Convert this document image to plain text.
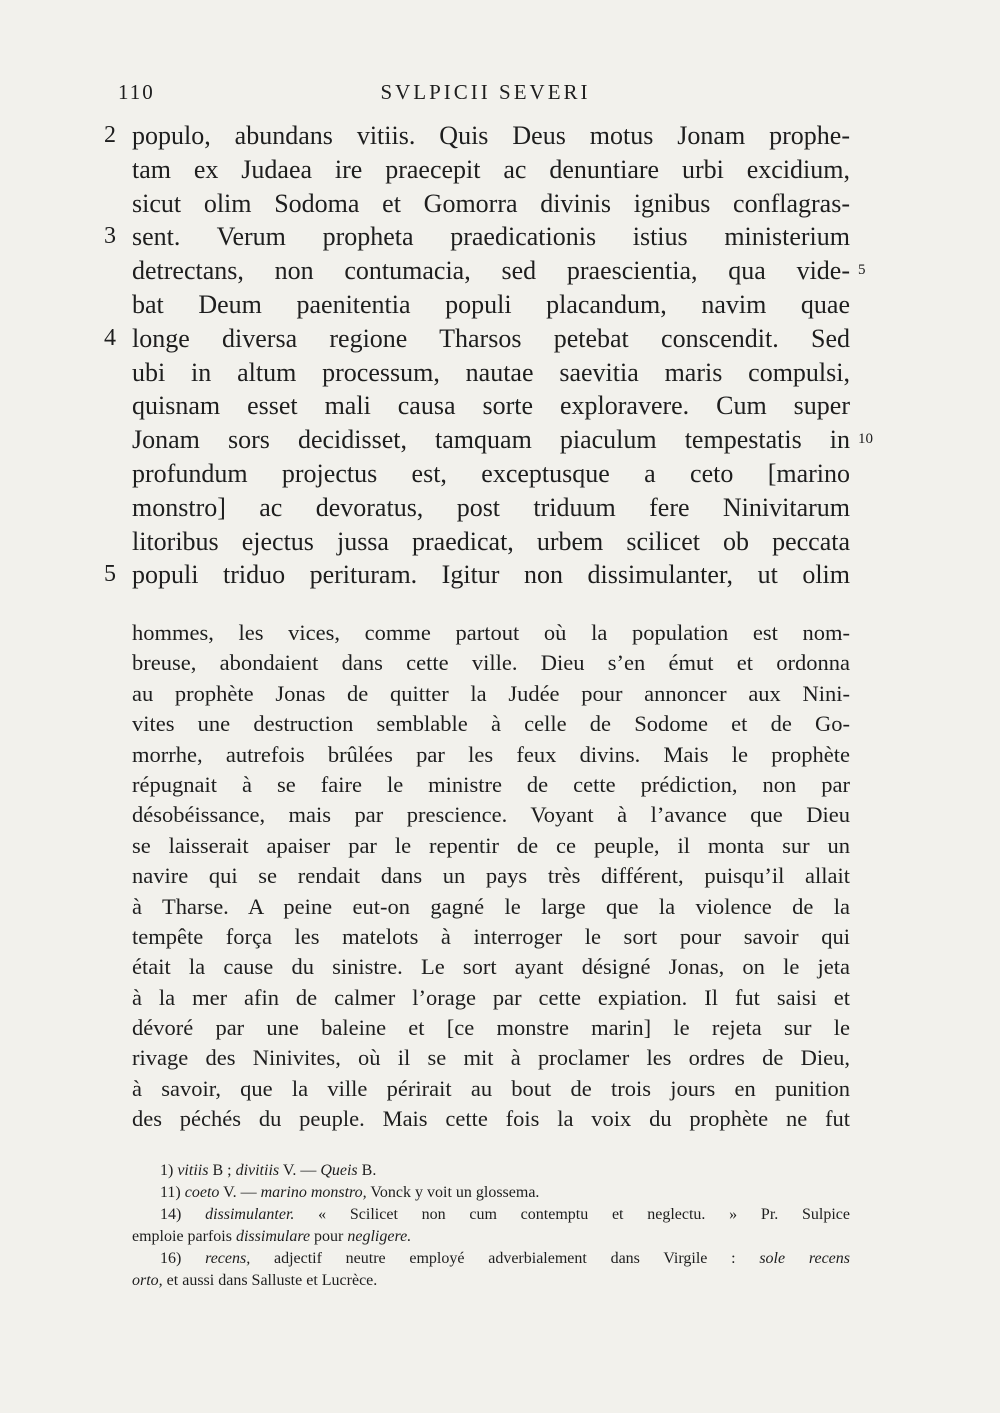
110	SVLPICII SEVERI
2 populo, abundans vitiis. Quis Deus motus Jonam prophe-
tam ex Judaea ire praecepit ac denuntiare urbi excidium,
sicut olim Sodoma et Gomorra divinis ignibus conflagras-
3 sent. Verum propheta praedicationis istius ministerium
detrectans, non contumacia, sed praescientia, qua vide- 5
bat Deum paenitentia populi placandum, navim quae
4 longe diversa regione Tharsos petebat conscendit. Sed
ubi in altum processum, nautae saevitia maris compulsi,
quisnam esset mali causa sorte exploravere. Cum super
Jonam sors decidisset, tamquam piaculum tempestatis in 10
profundum projectus est, exceptusque a ceto [marino
monstro] ac devoratus, post triduum fere Ninivitarum
litoribus ejectus jussa praedicat, urbem scilicet ob peccata
5 populi triduo perituram. Igitur non dissimulanter, ut olim
hommes, les vices, comme partout où la population est nom-
breuse, abondaient dans cette ville. Dieu s’en émut et ordonna
au prophète Jonas de quitter la Judée pour annoncer aux Nini-
vites une destruction semblable à celle de Sodome et de Go-
morrhe, autrefois brûlées par les feux divins. Mais le prophète
répugnait à se faire le ministre de cette prédiction, non par
désobéissance, mais par prescience. Voyant à l’avance que Dieu
se laisserait apaiser par le repentir de ce peuple, il monta sur un
navire qui se rendait dans un pays très différent, puisqu’il allait
à Tharse. A peine eut-on gagné le large que la violence de la
tempête força les matelots à interroger le sort pour savoir qui
était la cause du sinistre. Le sort ayant désigné Jonas, on le jeta
à la mer afin de calmer l’orage par cette expiation. Il fut saisi et
dévoré par une baleine et [ce monstre marin] le rejeta sur le
rivage des Ninivites, où il se mit à proclamer les ordres de Dieu,
à savoir, que la ville périrait au bout de trois jours en punition
des péchés du peuple. Mais cette fois la voix du prophète ne fut
1) vitiis B ; divitiis V. — Queis B.
11) coeto V. — marino monstro, Vonck y voit un glossema.
14) dissimulanter. « Scilicet non cum contemptu et neglectu. » Pr. Sulpice
emploie parfois dissimulare pour negligere.
16) recens, adjectif neutre employé adverbialement dans Virgile : sole recens
orto, et aussi dans Salluste et Lucrèce.
